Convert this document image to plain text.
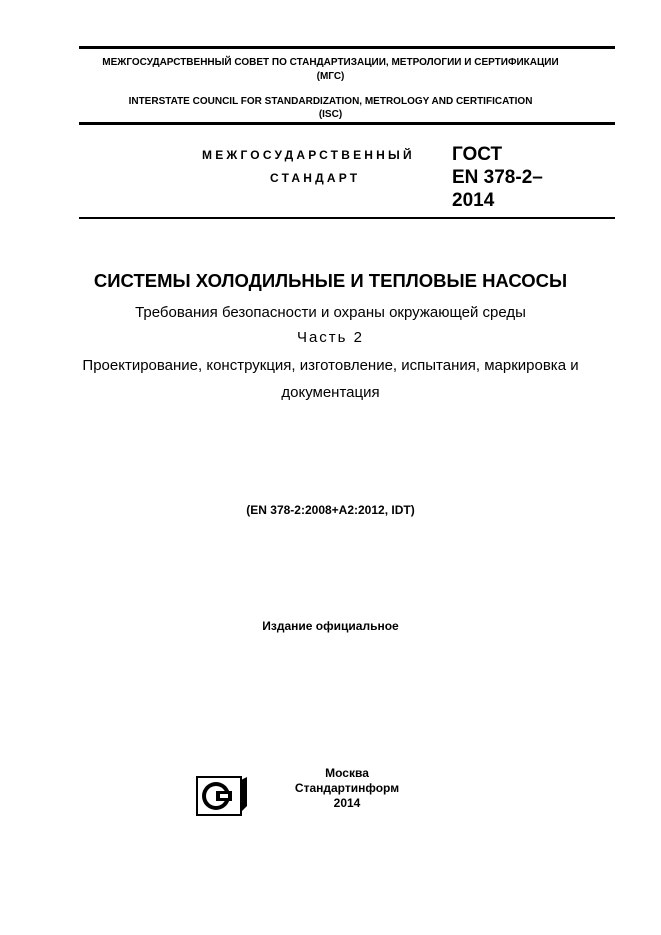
МЕЖГОСУДАРСТВЕННЫЙ СОВЕТ ПО СТАНДАРТИЗАЦИИ, МЕТРОЛОГИИ И СЕРТИФИКАЦИИ
(МГС)
INTERSTATE COUNCIL FOR STANDARDIZATION, METROLOGY AND CERTIFICATION
(ISC)
МЕЖГОСУДАРСТВЕННЫЙ
СТАНДАРТ
ГОСТ
EN 378-2–
2014
СИСТЕМЫ ХОЛОДИЛЬНЫЕ И ТЕПЛОВЫЕ НАСОСЫ
Требования безопасности и охраны окружающей среды
Часть 2
Проектирование, конструкция, изготовление, испытания, маркировка и
документация
(EN 378-2:2008+A2:2012, IDT)
Издание официальное
Москва
Стандартинформ
2014
